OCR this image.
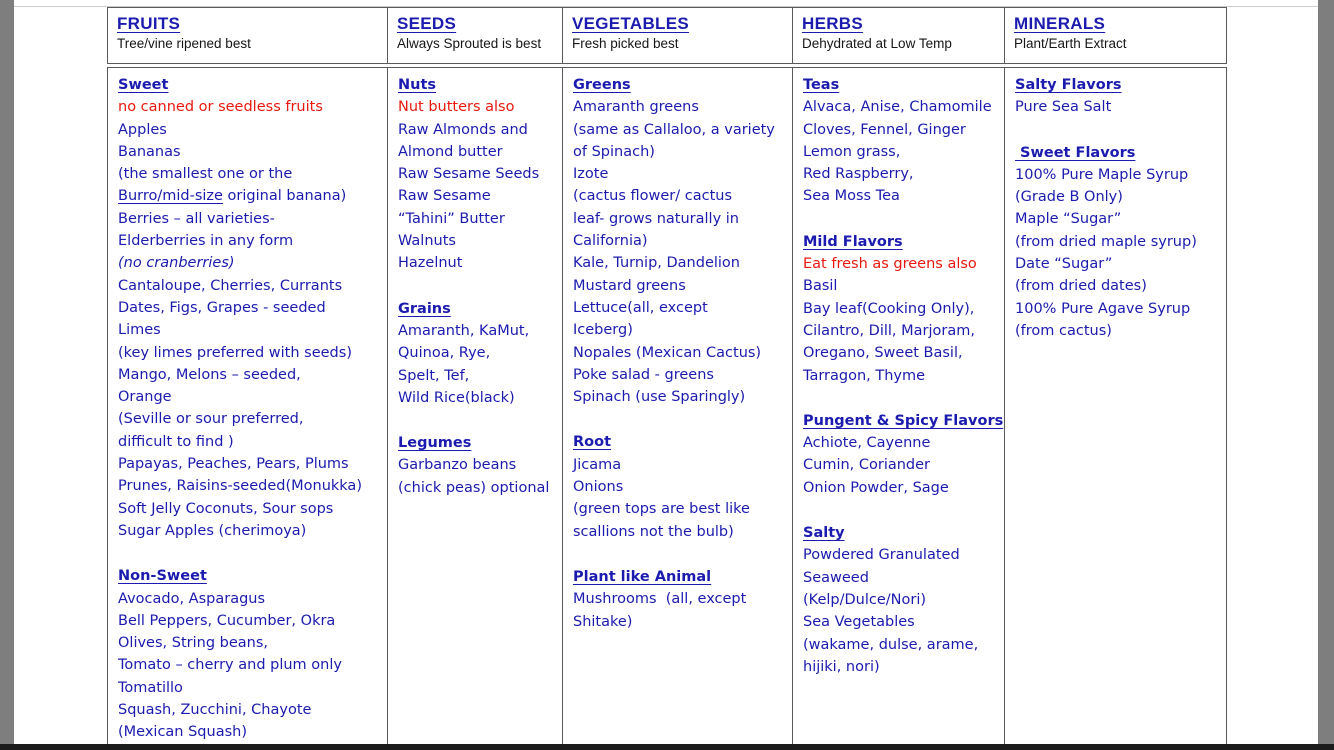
FRUITS
Tree/vine ripened best
SEEDS
Always Sprouted is best
VEGETABLES
Fresh picked best
HERBS
Dehydrated at Low Temp
MINERALS
Plant/Earth Extract
Sweet
no canned or seedless fruits
Apples
Bananas
(the smallest one or the
Burro/mid-size original banana)
Berries – all varieties-
Elderberries in any form
(no cranberries)
Cantaloupe, Cherries, Currants
Dates, Figs, Grapes - seeded
Limes
(key limes preferred with seeds)
Mango, Melons – seeded,
Orange
(Seville or sour preferred,
difficult to find )
Papayas, Peaches, Pears, Plums
Prunes, Raisins-seeded(Monukka)
Soft Jelly Coconuts, Sour sops
Sugar Apples (cherimoya)
Non-Sweet
Avocado, Asparagus
Bell Peppers, Cucumber, Okra
Olives, String beans,
Tomato – cherry and plum only
Tomatillo
Squash, Zucchini, Chayote
(Mexican Squash)
Nuts
Nut butters also
Raw Almonds and
Almond butter
Raw Sesame Seeds
Raw Sesame
“Tahini” Butter
Walnuts
Hazelnut
Grains
Amaranth, KaMut,
Quinoa, Rye,
Spelt, Tef,
Wild Rice(black)
Legumes
Garbanzo beans
(chick peas) optional
Greens
Amaranth greens
(same as Callaloo, a variety
of Spinach)
Izote
(cactus flower/ cactus
leaf- grows naturally in
California)
Kale, Turnip, Dandelion
Mustard greens
Lettuce(all, except
Iceberg)
Nopales (Mexican Cactus)
Poke salad - greens
Spinach (use Sparingly)
Root
Jicama
Onions
(green tops are best like
scallions not the bulb)
Plant like Animal
Mushrooms  (all, except
Shitake)
Teas
Alvaca, Anise, Chamomile
Cloves, Fennel, Ginger
Lemon grass,
Red Raspberry,
Sea Moss Tea
Mild Flavors
Eat fresh as greens also
Basil
Bay leaf(Cooking Only),
Cilantro, Dill, Marjoram,
Oregano, Sweet Basil,
Tarragon, Thyme
Pungent & Spicy Flavors
Achiote, Cayenne
Cumin, Coriander
Onion Powder, Sage
Salty
Powdered Granulated
Seaweed
(Kelp/Dulce/Nori)
Sea Vegetables
(wakame, dulse, arame,
hijiki, nori)
Salty Flavors
Pure Sea Salt
Sweet Flavors
100% Pure Maple Syrup
(Grade B Only)
Maple “Sugar”
(from dried maple syrup)
Date “Sugar”
(from dried dates)
100% Pure Agave Syrup
(from cactus)
